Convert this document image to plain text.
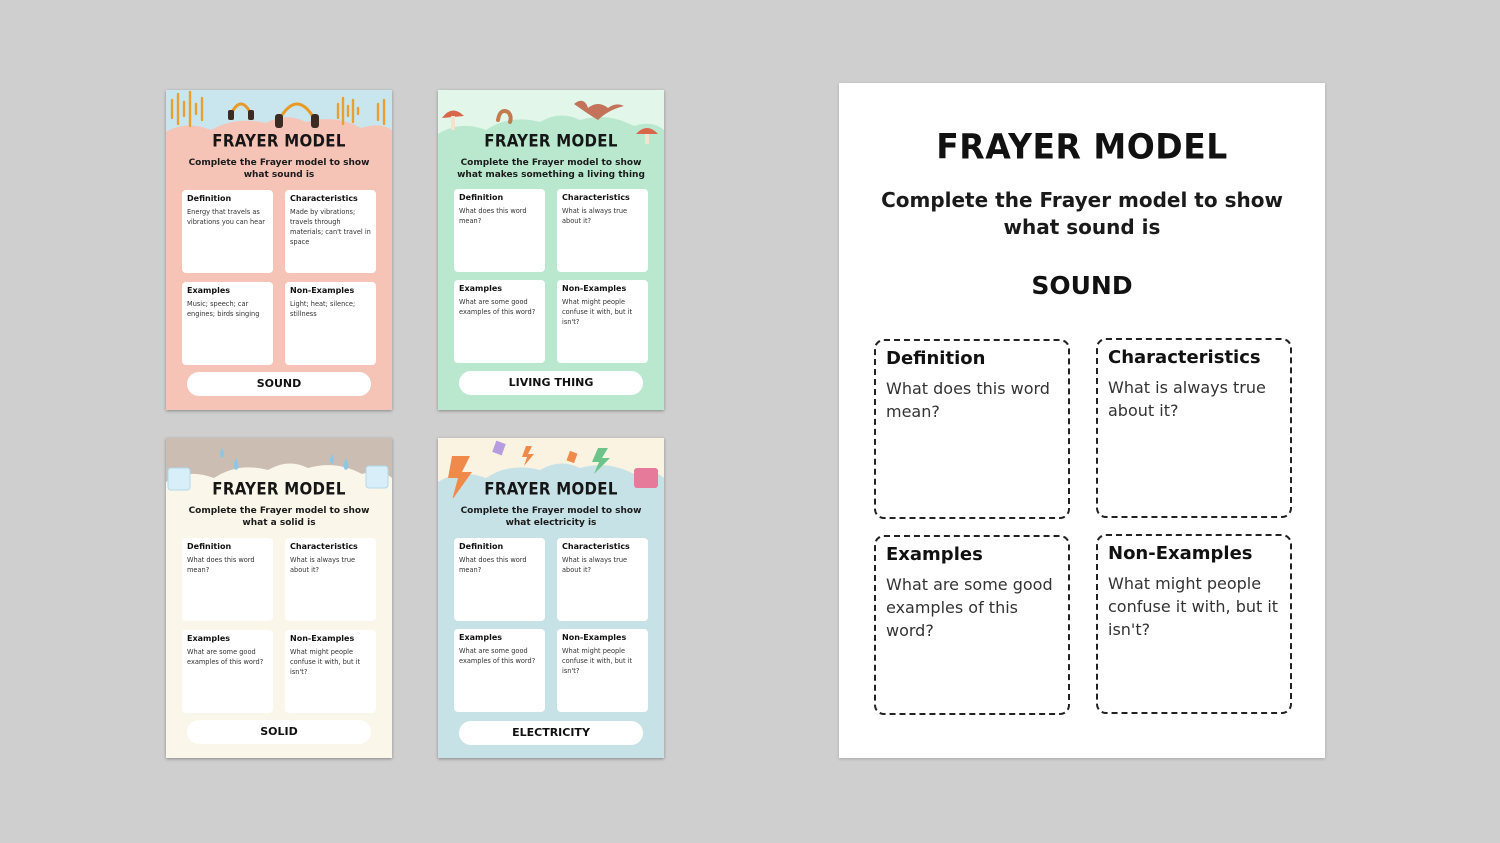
FRAYER MODEL
Complete the Frayer model to show what sound is
Definition
Energy that travels as vibrations you can hear
Characteristics
Made by vibrations; travels through materials; can't travel in space
Examples
Music; speech; car engines; birds singing
Non-Examples
Light; heat; silence; stillness
SOUND
FRAYER MODEL
Complete the Frayer model to show what makes something a living thing
Definition
What does this word mean?
Characteristics
What is always true about it?
Examples
What are some good examples of this word?
Non-Examples
What might people confuse it with, but it isn't?
LIVING THING
FRAYER MODEL
Complete the Frayer model to show what a solid is
Definition
What does this word mean?
Characteristics
What is always true about it?
Examples
What are some good examples of this word?
Non-Examples
What might people confuse it with, but it isn't?
SOLID
FRAYER MODEL
Complete the Frayer model to show what electricity is
Definition
What does this word mean?
Characteristics
What is always true about it?
Examples
What are some good examples of this word?
Non-Examples
What might people confuse it with, but it isn't?
ELECTRICITY
FRAYER MODEL
Complete the Frayer model to show what sound is
SOUND
Definition
What does this word mean?
Characteristics
What is always true about it?
Examples
What are some good examples of this word?
Non-Examples
What might people confuse it with, but it isn't?
